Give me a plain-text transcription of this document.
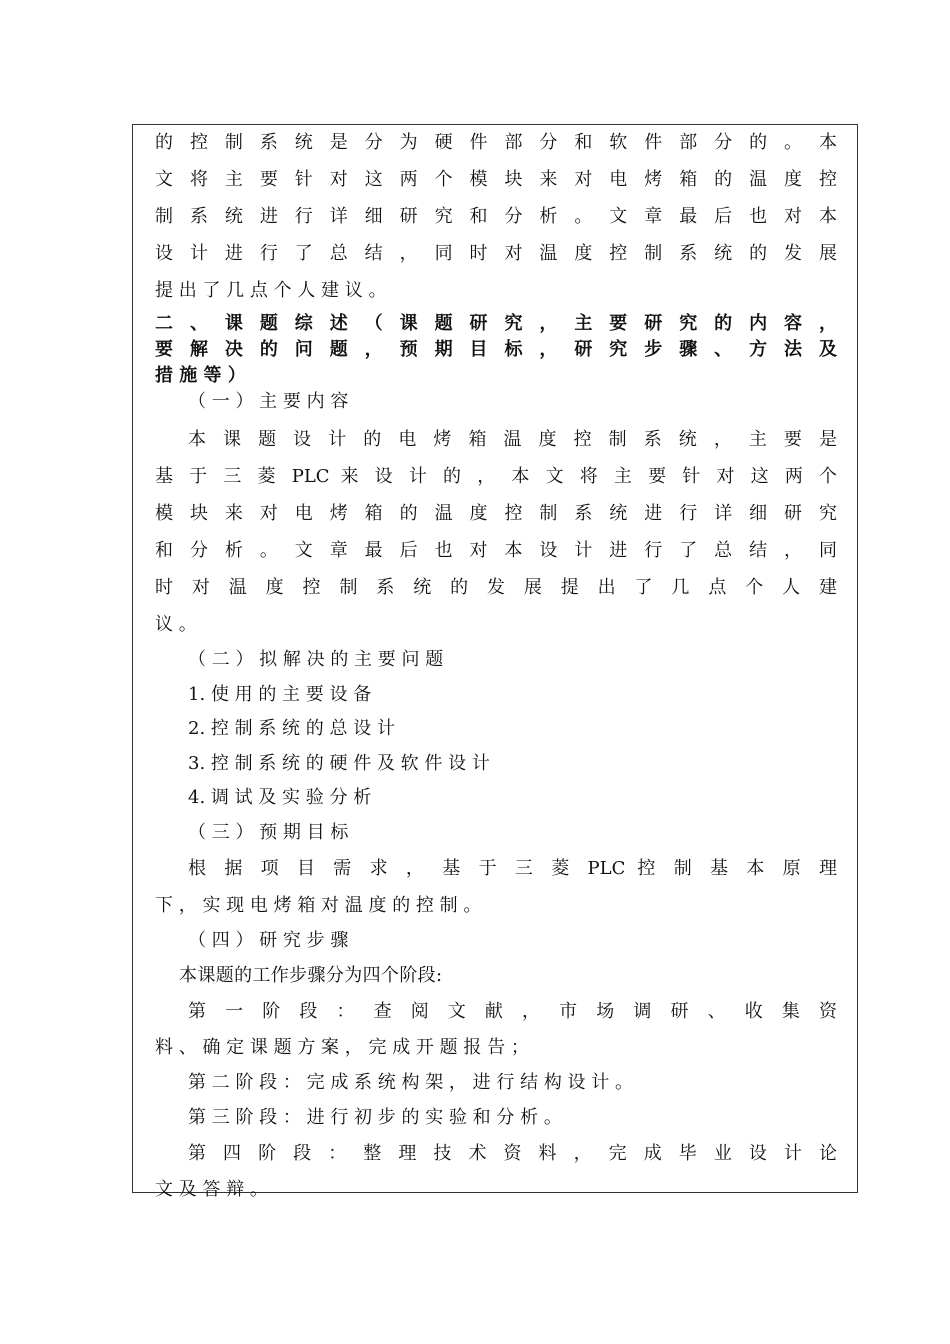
的 控 制 系 统 是 分 为 硬 件 部 分 和 软 件 部 分 的 。 本
文 将 主 要 针 对 这 两 个 模 块 来 对 电 烤 箱 的 温 度 控
制 系 统 进 行 详 细 研 究 和 分 析 。 文 章 最 后 也 对 本
设 计 进 行 了 总 结 ， 同 时 对 温 度 控 制 系 统 的 发 展
提 出 了 几 点 个 人 建 议 。
二 、 课 题 综 述 （ 课 题 研 究 ， 主 要 研 究 的 内 容 ，
要 解 决 的 问 题 ， 预 期 目 标 ， 研 究 步 骤 、 方 法 及
措 施 等 ）
（ 一 ） 主 要 内 容
本 课 题 设 计 的 电 烤 箱 温 度 控 制 系 统 ， 主 要 是
基 于 三 菱 PLC 来 设 计 的 ， 本 文 将 主 要 针 对 这 两 个
模 块 来 对 电 烤 箱 的 温 度 控 制 系 统 进 行 详 细 研 究
和 分 析 。 文 章 最 后 也 对 本 设 计 进 行 了 总 结 ， 同
时 对 温 度 控 制 系 统 的 发 展 提 出 了 几 点 个 人 建
议 。
（ 二 ） 拟 解 决 的 主 要 问 题
1. 使 用 的 主 要 设 备
2. 控 制 系 统 的 总 设 计
3. 控 制 系 统 的 硬 件 及 软 件 设 计
4. 调 试 及 实 验 分 析
（ 三 ） 预 期 目 标
根 据 项 目 需 求 ， 基 于 三 菱 PLC 控 制 基 本 原 理
下 ， 实 现 电 烤 箱 对 温 度 的 控 制 。
（ 四 ） 研 究 步 骤
本课题的工作步骤分为四个阶段:
第 一 阶 段 ： 查 阅 文 献 ， 市 场 调 研 、 收 集 资
料 、 确 定 课 题 方 案 ， 完 成 开 题 报 告 ；
第 二 阶 段 ： 完 成 系 统 构 架 ， 进 行 结 构 设 计 。
第 三 阶 段 ： 进 行 初 步 的 实 验 和 分 析 。
第 四 阶 段 ： 整 理 技 术 资 料 ， 完 成 毕 业 设 计 论
文 及 答 辩 。
